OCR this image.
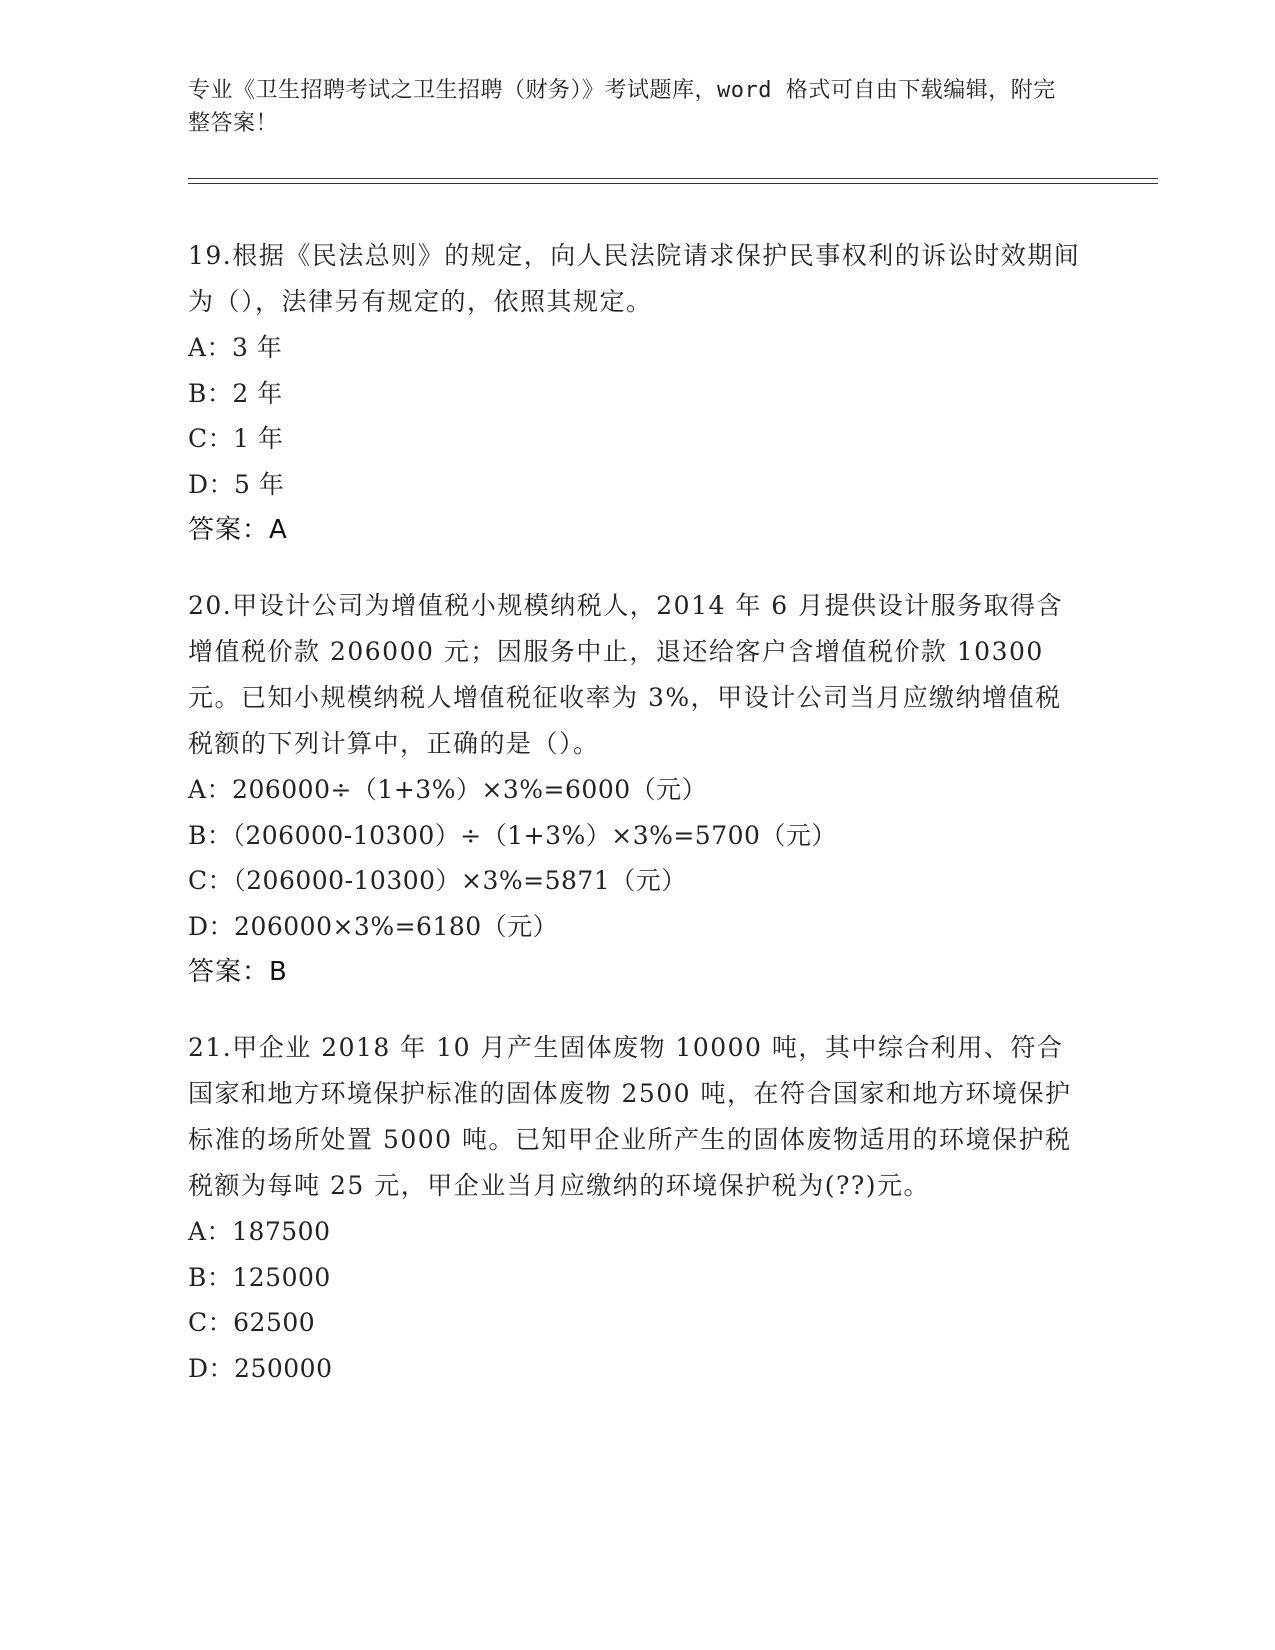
专业《卫生招聘考试之卫生招聘（财务）》考试题库，word 格式可自由下载编辑，附完整答案！
19.根据《民法总则》的规定，向人民法院请求保护民事权利的诉讼时效期间为（），法律另有规定的，依照其规定。
A：3 年
B：2 年
C：1 年
D：5 年
答案：A
20.甲设计公司为增值税小规模纳税人，2014 年 6 月提供设计服务取得含增值税价款 206000 元；因服务中止，退还给客户含增值税价款 10300 元。已知小规模纳税人增值税征收率为 3%，甲设计公司当月应缴纳增值税税额的下列计算中，正确的是（）。
A：206000÷（1+3%）×3%=6000（元）
B：（206000-10300）÷（1+3%）×3%=5700（元）
C：（206000-10300）×3%=5871（元）
D：206000×3%=6180（元）
答案：B
21.甲企业 2018 年 10 月产生固体废物 10000 吨，其中综合利用、符合国家和地方环境保护标准的固体废物 2500 吨，在符合国家和地方环境保护标准的场所处置 5000 吨。已知甲企业所产生的固体废物适用的环境保护税税额为每吨 25 元，甲企业当月应缴纳的环境保护税为(??)元。
A：187500
B：125000
C：62500
D：250000
